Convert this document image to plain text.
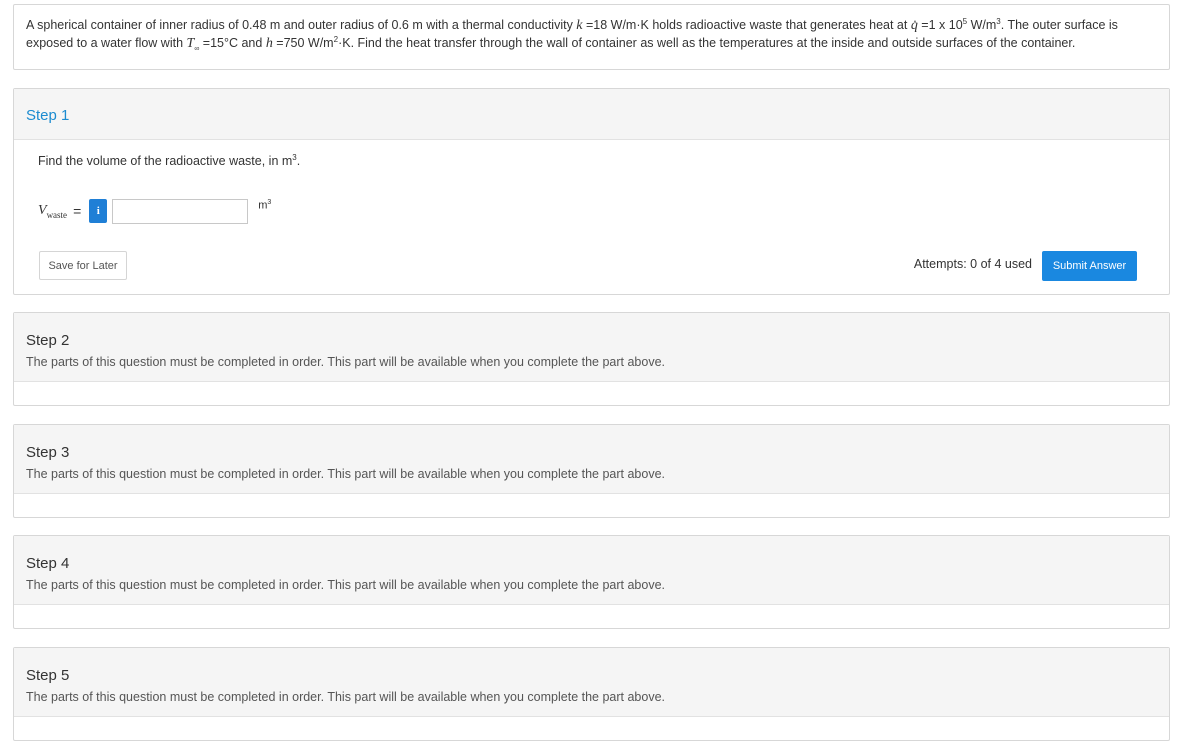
A spherical container of inner radius of 0.48 m and outer radius of 0.6 m with a thermal conductivity k =18 W/m·K holds radioactive waste that generates heat at q̇ =1 x $10^5$ $W/m^3$. The outer surface is exposed to a water flow with $T_\infty =15^\circ C$ and h =750 $W/m^2\cdot K$. Find the heat transfer through the wall of container as well as the temperatures at the inside and outside surfaces of the container.
Step 1
Find the volume of the radioactive waste, in $m^3$.
$V_{waste}$ =	i	$m^3$
Save for Later	Attempts: 0 of 4 used	Submit Answer
Step 2
The parts of this question must be completed in order. This part will be available when you complete the part above.
Step 3
The parts of this question must be completed in order. This part will be available when you complete the part above.
Step 4
The parts of this question must be completed in order. This part will be available when you complete the part above.
Step 5
The parts of this question must be completed in order. This part will be available when you complete the part above.
